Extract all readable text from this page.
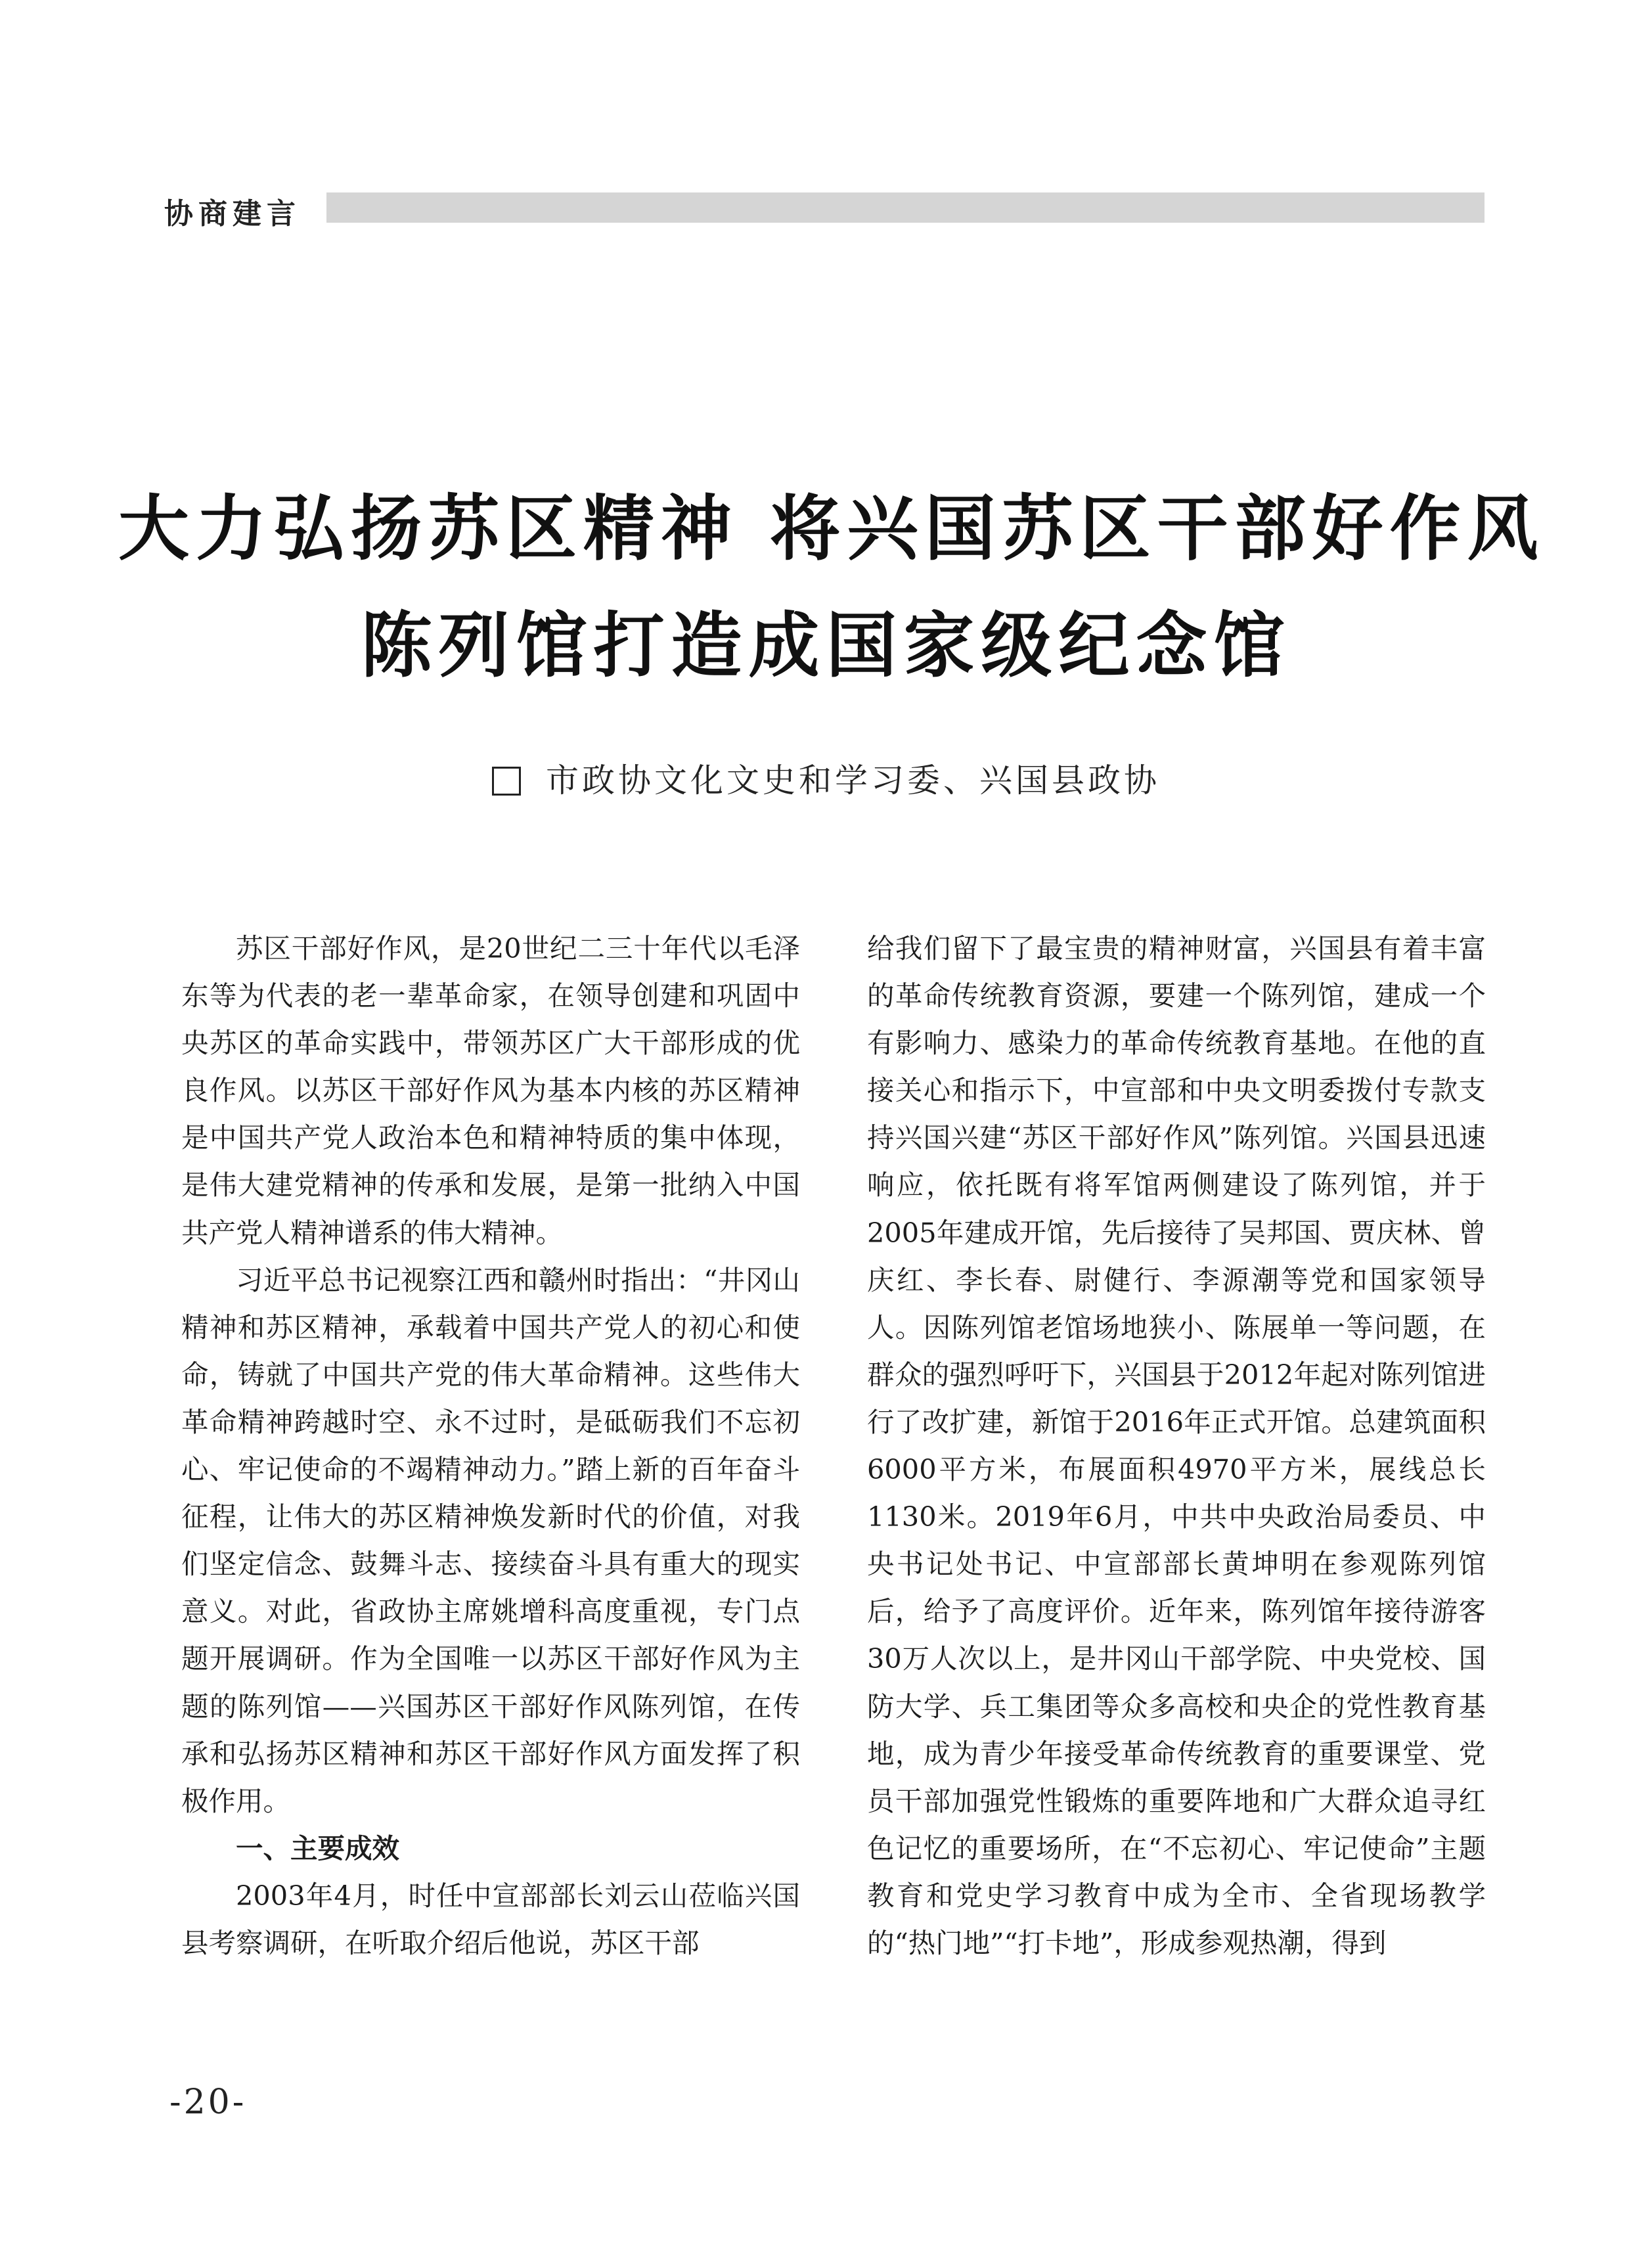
协商建言
大力弘扬苏区精神 将兴国苏区干部好作风
陈列馆打造成国家级纪念馆
市政协文化文史和学习委、兴国县政协

苏区干部好作风，是20世纪二三十年代以毛泽东等为代表的老一辈革命家，在领导创建和巩固中央苏区的革命实践中，带领苏区广大干部形成的优良作风。以苏区干部好作风为基本内核的苏区精神是中国共产党人政治本色和精神特质的集中体现，是伟大建党精神的传承和发展，是第一批纳入中国共产党人精神谱系的伟大精神。

习近平总书记视察江西和赣州时指出：“井冈山精神和苏区精神，承载着中国共产党人的初心和使命，铸就了中国共产党的伟大革命精神。这些伟大革命精神跨越时空、永不过时，是砥砺我们不忘初心、牢记使命的不竭精神动力。”踏上新的百年奋斗征程，让伟大的苏区精神焕发新时代的价值，对我们坚定信念、鼓舞斗志、接续奋斗具有重大的现实意义。对此，省政协主席姚增科高度重视，专门点题开展调研。作为全国唯一以苏区干部好作风为主题的陈列馆——兴国苏区干部好作风陈列馆，在传承和弘扬苏区精神和苏区干部好作风方面发挥了积极作用。

一、主要成效

2003年4月，时任中宣部部长刘云山莅临兴国县考察调研，在听取介绍后他说，苏区干部

给我们留下了最宝贵的精神财富，兴国县有着丰富的革命传统教育资源，要建一个陈列馆，建成一个有影响力、感染力的革命传统教育基地。在他的直接关心和指示下，中宣部和中央文明委拨付专款支持兴国兴建“苏区干部好作风”陈列馆。兴国县迅速响应，依托既有将军馆两侧建设了陈列馆，并于2005年建成开馆，先后接待了吴邦国、贾庆林、曾庆红、李长春、尉健行、李源潮等党和国家领导人。因陈列馆老馆场地狭小、陈展单一等问题，在群众的强烈呼吁下，兴国县于2012年起对陈列馆进行了改扩建，新馆于2016年正式开馆。总建筑面积6000平方米，布展面积4970平方米，展线总长1130米。2019年6月，中共中央政治局委员、中央书记处书记、中宣部部长黄坤明在参观陈列馆后，给予了高度评价。近年来，陈列馆年接待游客30万人次以上，是井冈山干部学院、中央党校、国防大学、兵工集团等众多高校和央企的党性教育基地，成为青少年接受革命传统教育的重要课堂、党员干部加强党性锻炼的重要阵地和广大群众追寻红色记忆的重要场所，在“不忘初心、牢记使命”主题教育和党史学习教育中成为全市、全省现场教学的“热门地”“打卡地”，形成参观热潮，得到

-20-
